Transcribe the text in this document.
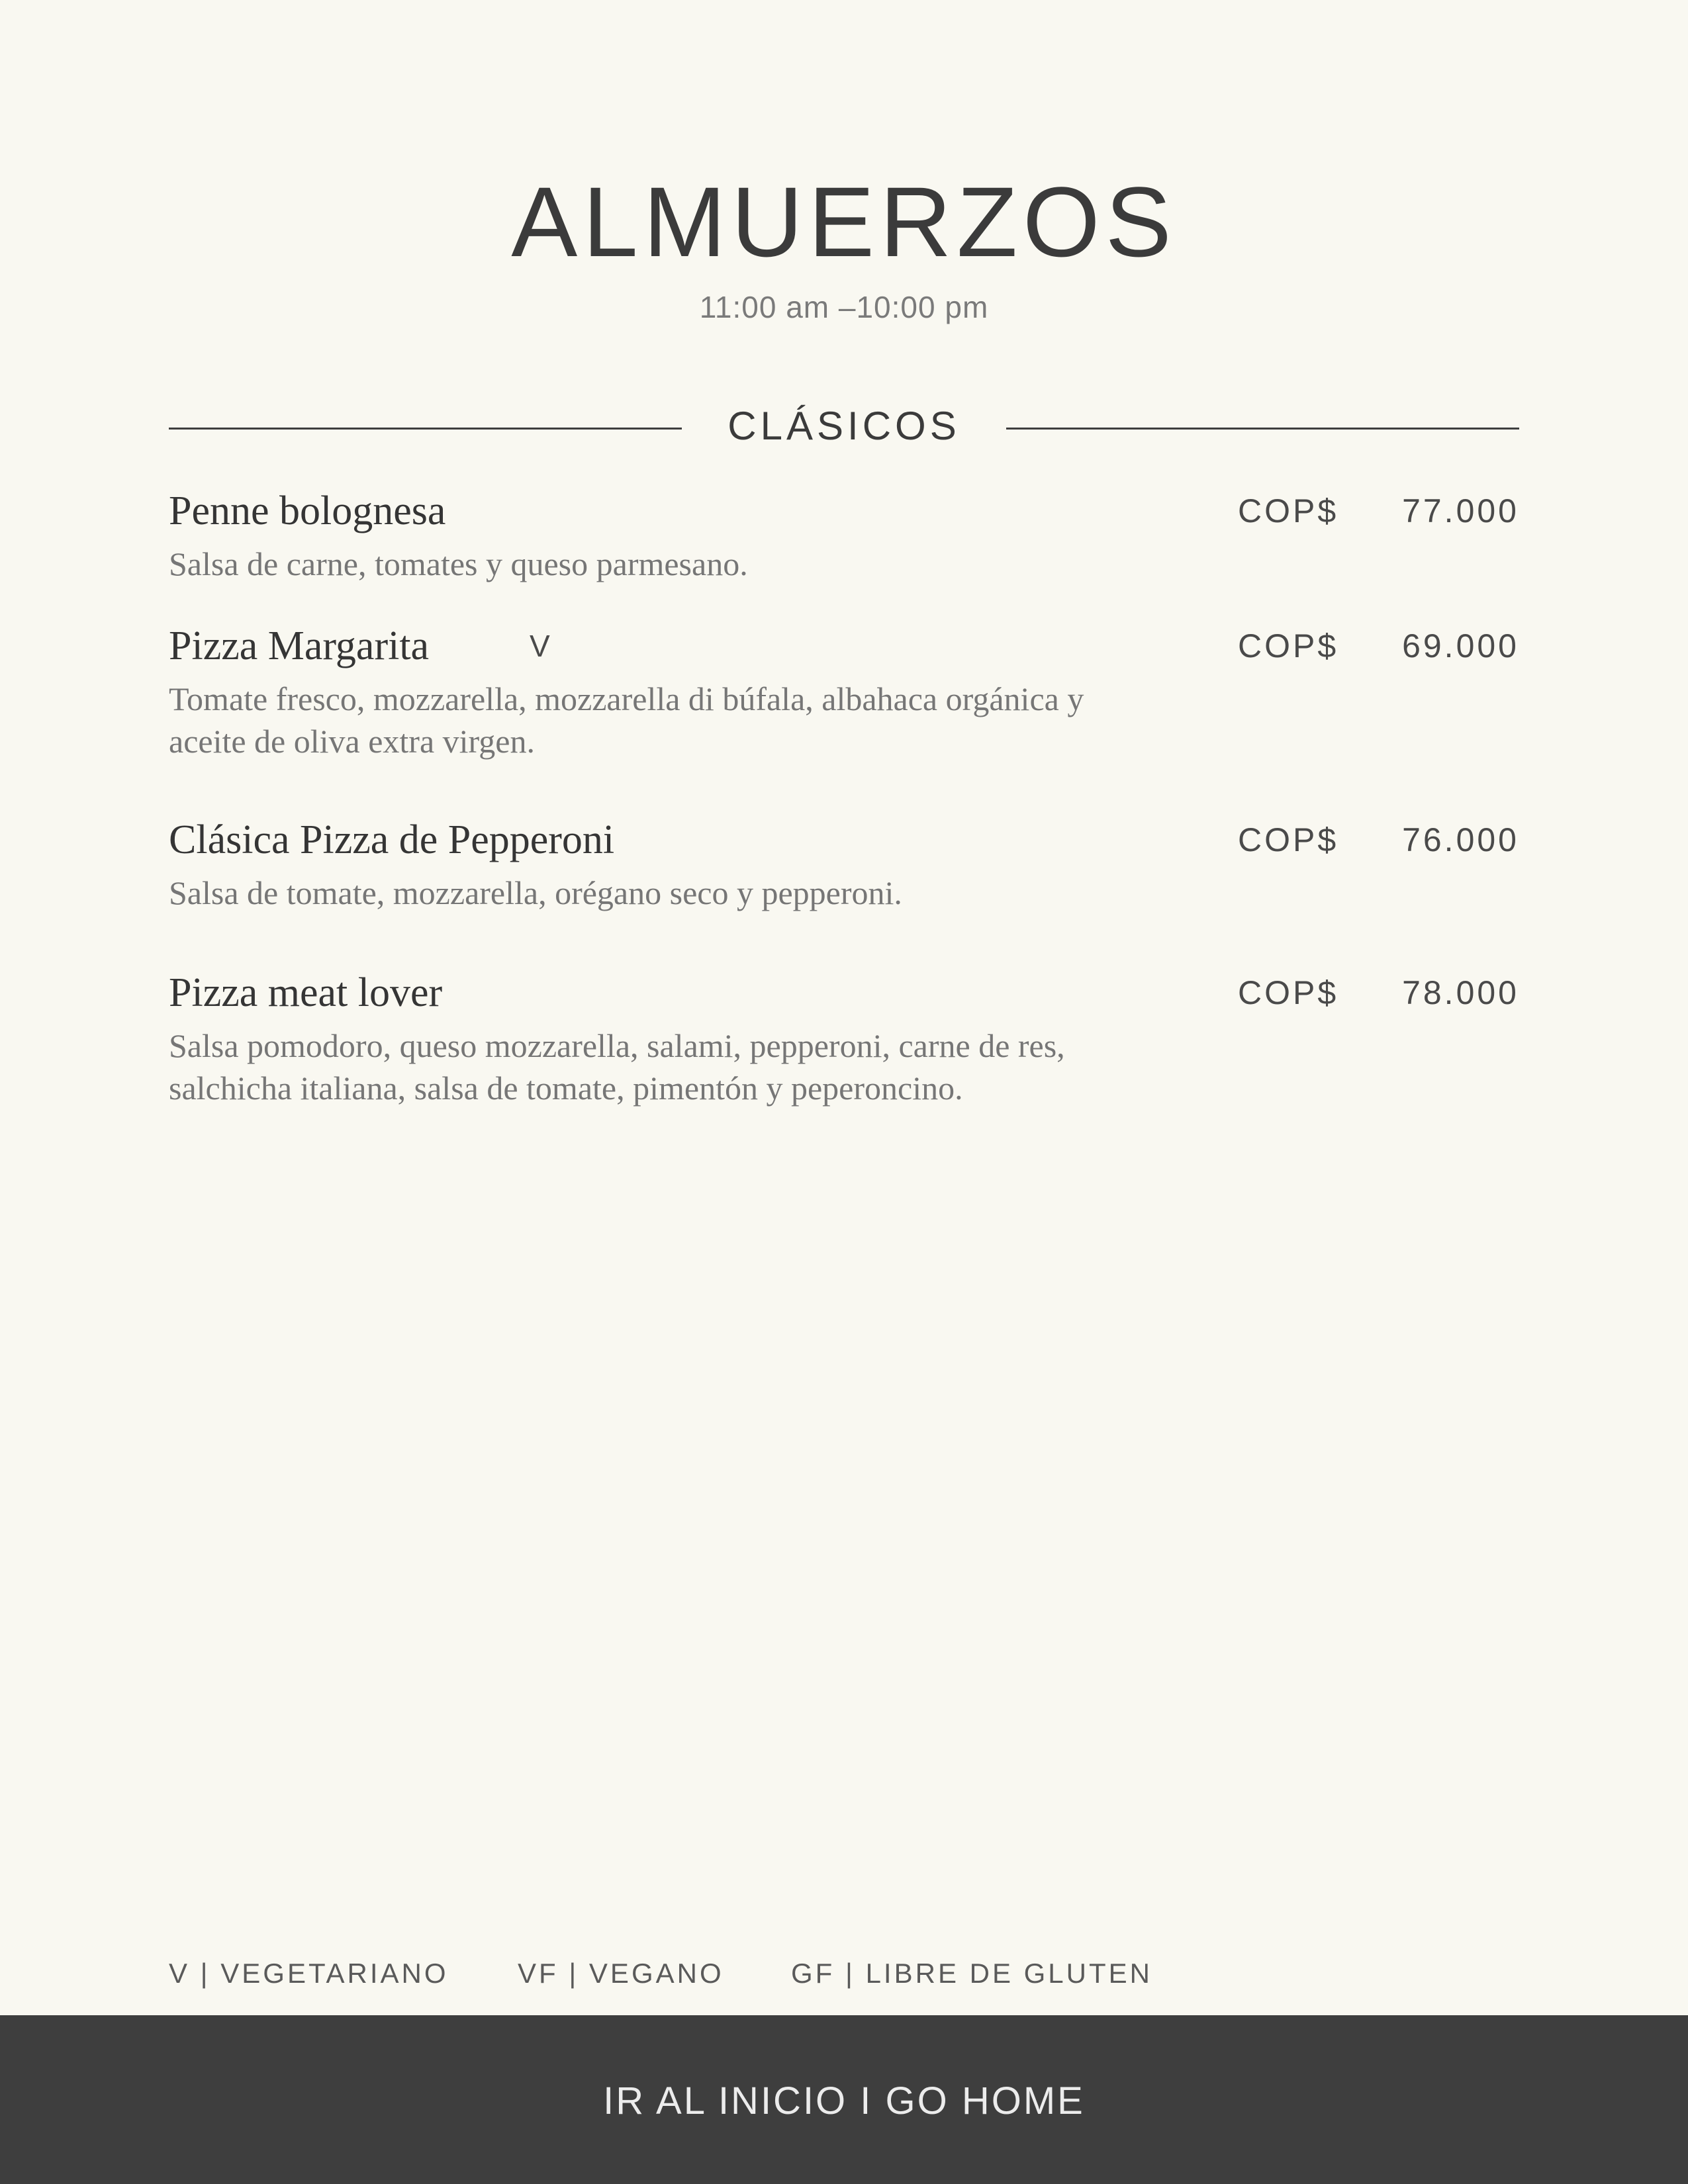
ALMUERZOS
11:00 am –10:00 pm
CLÁSICOS
Penne bolognesa	COP$ 77.000
Salsa de carne, tomates y queso parmesano.
Pizza Margarita	V	COP$ 69.000
Tomate fresco, mozzarella, mozzarella di búfala, albahaca orgánica y aceite de oliva extra virgen.
Clásica Pizza de Pepperoni	COP$ 76.000
Salsa de tomate, mozzarella, orégano seco y pepperoni.
Pizza meat lover	COP$ 78.000
Salsa pomodoro, queso mozzarella, salami, pepperoni, carne de res, salchicha italiana, salsa de tomate, pimentón y peperoncino.
V | VEGETARIANO VF | VEGANO GF | LIBRE DE GLUTEN
IR AL INICIO I GO HOME
